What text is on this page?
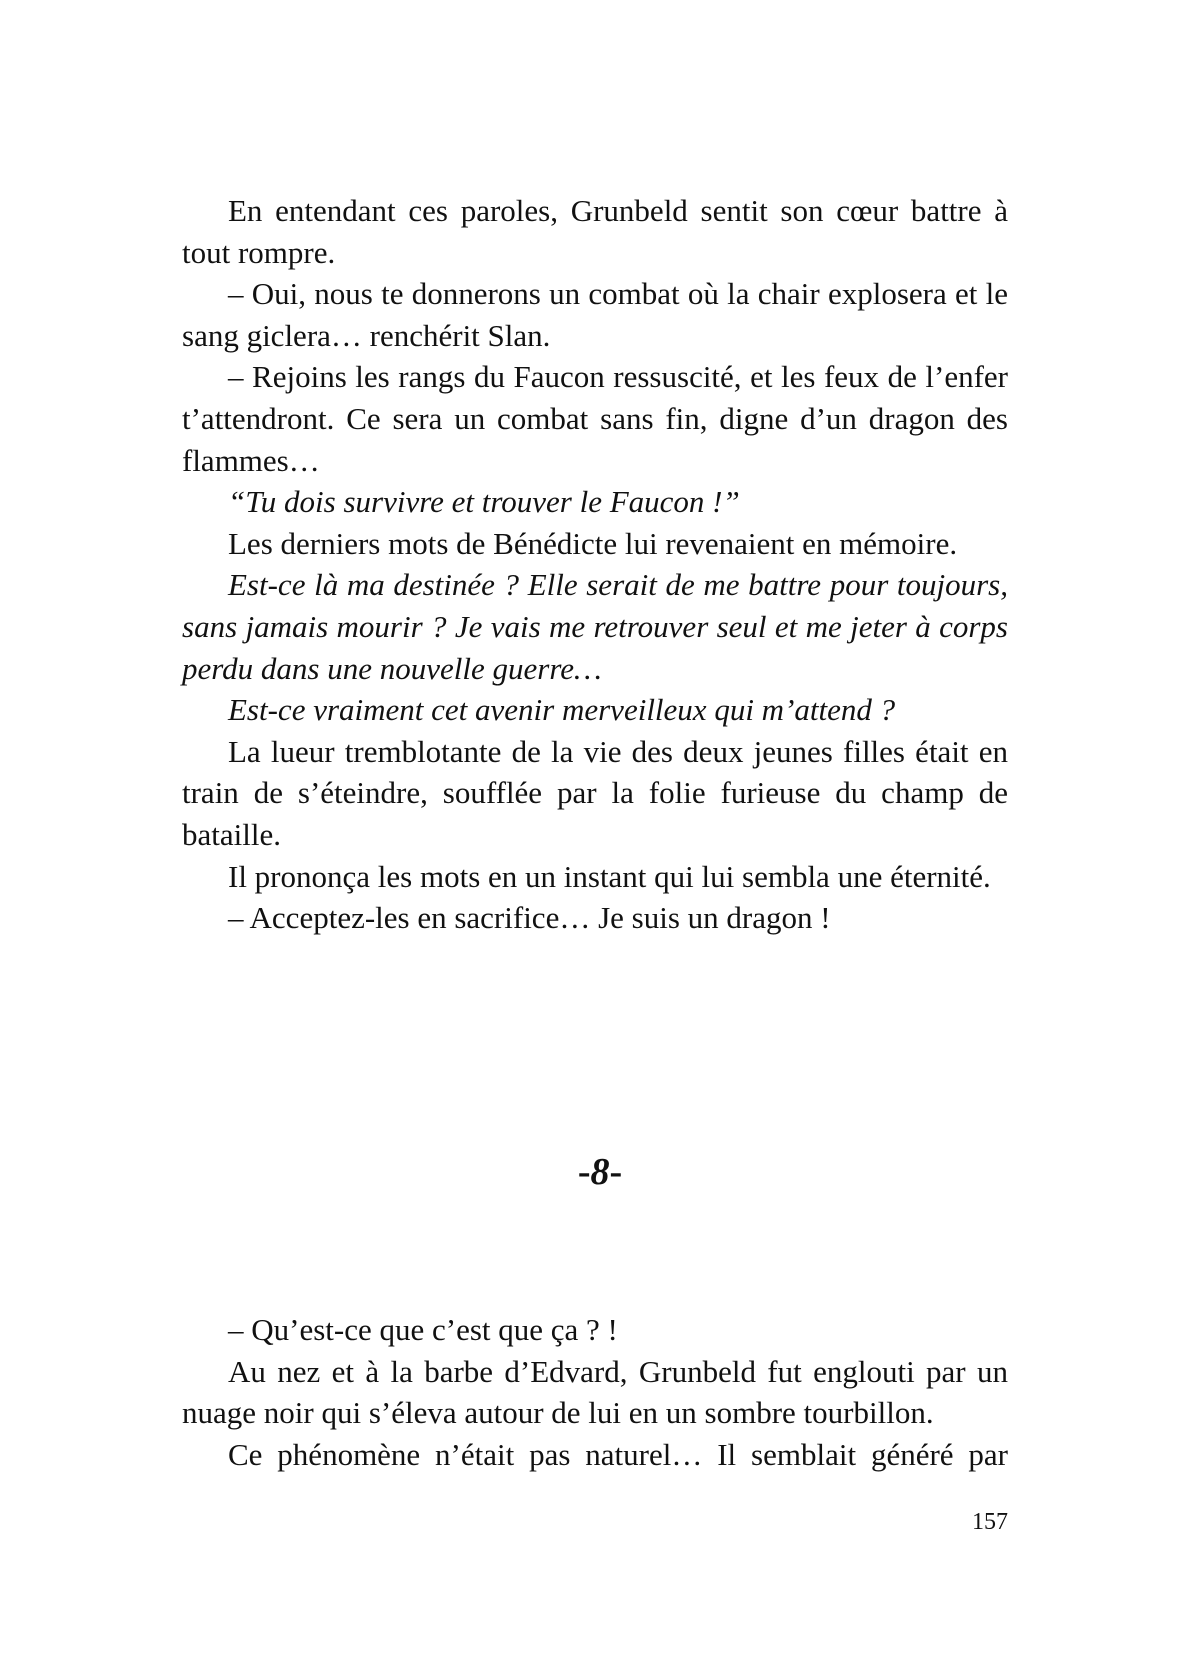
En entendant ces paroles, Grunbeld sentit son cœur battre à tout rompre.

– Oui, nous te donnerons un combat où la chair explosera et le sang giclera… renchérit Slan.

– Rejoins les rangs du Faucon ressuscité, et les feux de l’enfer t’attendront. Ce sera un combat sans fin, digne d’un dragon des flammes…

“Tu dois survivre et trouver le Faucon !”

Les derniers mots de Bénédicte lui revenaient en mémoire.

Est-ce là ma destinée ? Elle serait de me battre pour toujours, sans jamais mourir ? Je vais me retrouver seul et me jeter à corps perdu dans une nouvelle guerre…

Est-ce vraiment cet avenir merveilleux qui m’attend ?

La lueur tremblotante de la vie des deux jeunes filles était en train de s’éteindre, soufflée par la folie furieuse du champ de bataille.

Il prononça les mots en un instant qui lui sembla une éternité.

– Acceptez-les en sacrifice… Je suis un dragon !

-8-

– Qu’est-ce que c’est que ça ? !

Au nez et à la barbe d’Edvard, Grunbeld fut englouti par un nuage noir qui s’éleva autour de lui en un sombre tourbillon.

Ce phénomène n’était pas naturel… Il semblait généré par

157
